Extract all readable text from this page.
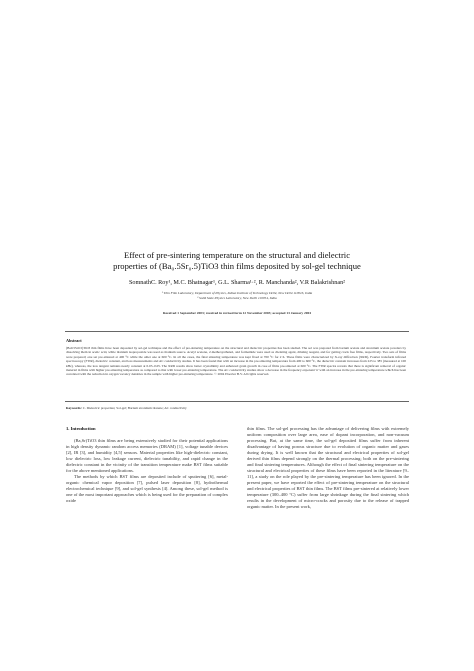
Effect of pre-sintering temperature on the structural and dielectric
properties of (Ba₀.5Sr₀.5)TiO3 thin films deposited by sol-gel technique
SomnathC. Roy¹, M.C. Bhatnagar¹, G.L. Sharma¹·², R. Manchanda², V.R Balakrishnan²
¹ Thin Film Laboratory, Department of Physics, Indian Institute of Technology Delhi, New Delhi 110016, India
² Solid State Physics Laboratory, New Delhi 110054, India
Received 1 September 2003; received in revised form 12 November 2003; accepted 13 January 2004
Abstract
(Ba0.5Sr0.5)TiO3 thin films have been deposited by sol-gel technique and the effect of pre-sintering temperature on the structural and dielectric properties has been studied. The sol was prepared from barium acetate and strontium acetate powders by dissolving them in acetic acid, while titanium isopropoxide was used as titanium source. Acetyl acetone, 2-methoxyethanol, and formamide were used as chelating agent, diluting reagent, and for getting crack free films, respectively. Two sets of films were prepared; one set pre-sintered at 400 °C while the other one at 600 °C. In all the cases, the final sintering temperature was kept fixed at 700 °C for 2 h. These films were characterized by X-ray diffraction (XRD), Fourier transform infrared spectroscopy (FTIR), dielectric constant, and loss measurements and AC conductivity studies. It has been found that with an increase in the pre-sintering temperature from 400 to 600 °C, the dielectric constant increases from 225 to 385 (measured at 100 kHz), whereas, the loss tangent remains nearly constant at 0.03–0.05. The XRD results show better crystallinity and enhanced grain growth in case of films pre-sintered at 600 °C. The FTIR spectra reveals that there is significant removal of organic material in films with higher pre-sintering temperature as compared to that with lower pre-sintering temperature. The AC conductivity studies show a decrease in the frequency exponent 'n' with an increase in the pre-sintering temperature which has been correlated with the reduction in oxygen vacancy densities in the sample with higher pre-sintering temperature. © 2004 Elsevier B.V. All rights reserved.
Keywords: C. Dielectric properties; Sol-gel; Barium strontium titanate; AC conductivity
1. Introduction

(Ba,Sr)TiO3 thin films are being extensively studied for their potential applications in high density dynamic random access memories (DRAM) [1], voltage tunable devices [2], IR [3], and humidity [4,5] sensors. Material properties like high-dielectric constant, low dielectric loss, low leakage current, dielectric tunability, and rapid change in the dielectric constant in the vicinity of the transition temperature make BST films suitable for the above mentioned applications.

The methods by which BST films are deposited include of sputtering [6], metal-organic chemical vapor deposition [7], pulsed laser deposition [8], hydrothermal electrochemical technique [9], and sol-gel synthesis [4]. Among these, sol-gel method is one of the most important approaches which is being used for the preparation of complex oxide

thin films. The sol-gel processing has the advantage of delivering films with extremely uniform composition over large area, ease of dopant incorporation, and non-vacuum processing. But, at the same time, the sol-gel deposited films suffer from inherent disadvantage of having porous structure due to evolution of organic matter and gases during drying. It is well known that the structural and electrical properties of sol-gel derived thin films depend strongly on the thermal processing; both on the pre-sintering and final sintering temperatures. Although the effect of final sintering temperature on the structural and electrical properties of these films have been reported in the literature [9–11], a study on the role played by the pre-sintering temperature has been ignored. In the present paper, we have reported the effect of pre-sintering temperature on the structural and electrical properties of BST thin films. The BST films pre-sintered at relatively lower temperature (300–400 °C) suffer from large shrinkage during the final sintering which results in the development of micro-cracks and porosity due to the release of trapped organic matter. In the present work,
